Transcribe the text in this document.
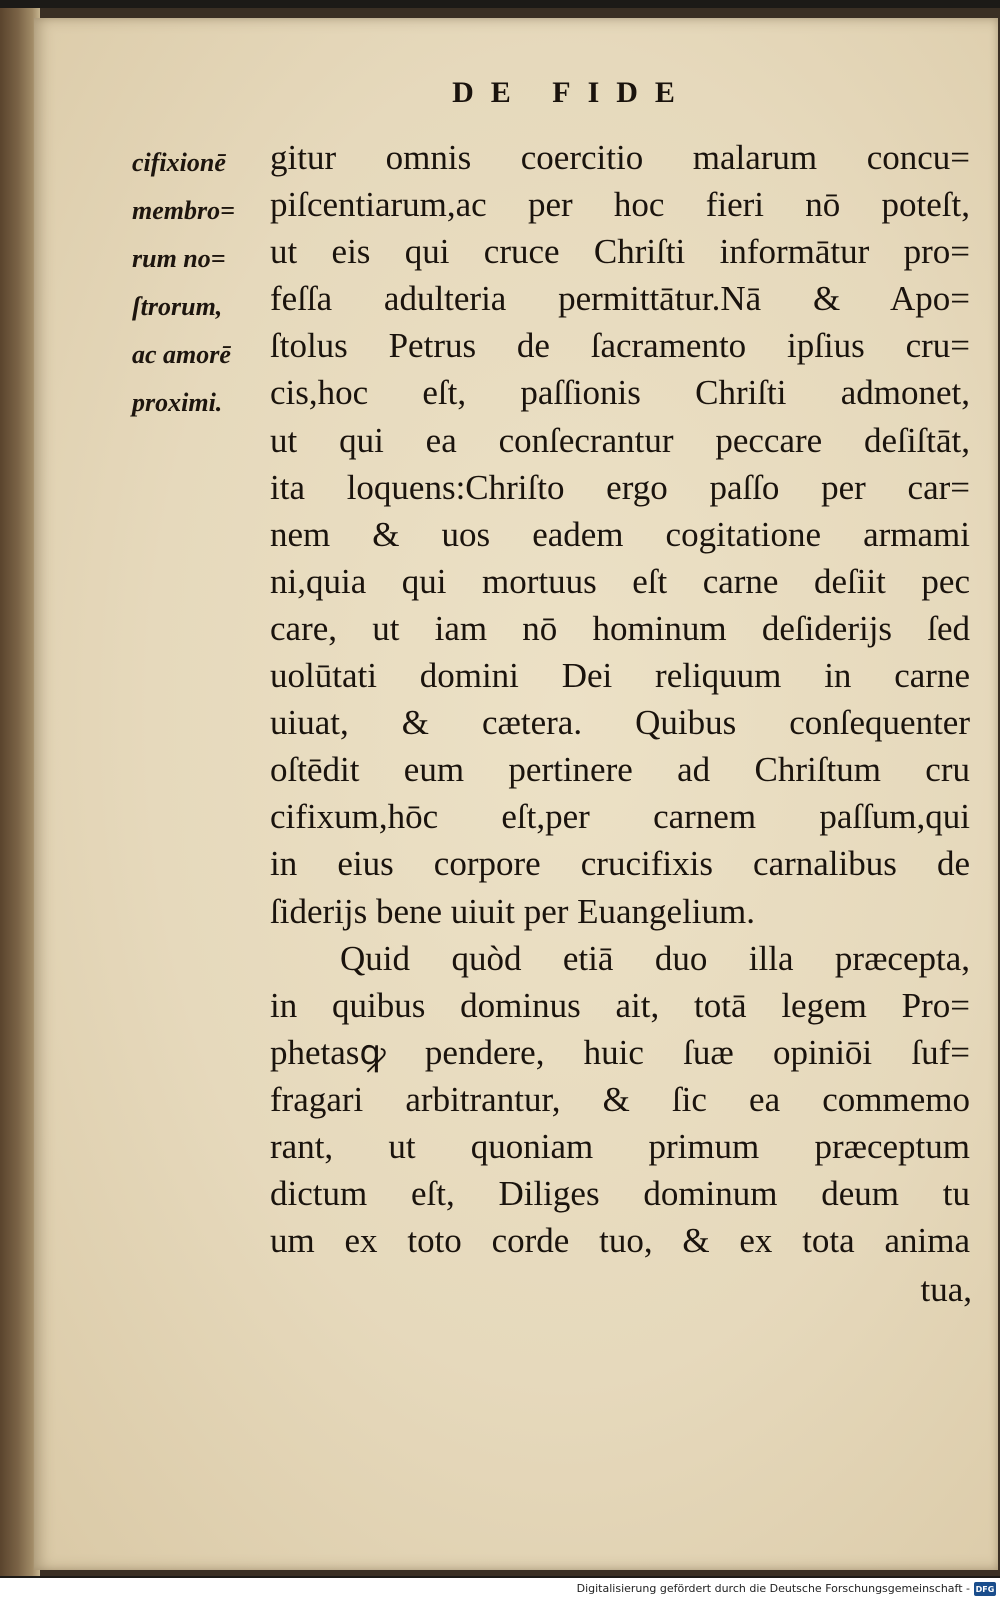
DE FIDE
cifixionē
membro=
rum no=
ſtrorum,
ac amorē
proximi.
gitur omnis coercitio malarum concu=
piſcentiarum,ac per hoc fieri nō poteſt,
ut eis qui cruce Chriſti informātur pro=
feſſa adulteria permittātur.Nā & Apo=
ſtolus Petrus de ſacramento ipſius cru=
cis,hoc eſt, paſſionis Chriſti admonet,
ut qui ea conſecrantur peccare deſiſtāt,
ita loquens:Chriſto ergo paſſo per car=
nem & uos eadem cogitatione armami
ni,quia qui mortuus eſt carne deſiit pec
care, ut iam nō hominum deſiderijs ſed
uolūtati domini Dei reliquum in carne
uiuat, & cætera. Quibus conſequenter
oſtēdit eum pertinere ad Chriſtum cru
cifixum,hōc eſt,per carnem paſſum,qui
in eius corpore crucifixis carnalibus de
ſiderijs bene uiuit per Euangelium.
Quid quòd etiā duo illa præcepta,
in quibus dominus ait, totā legem Pro=
phetasꝙ pendere, huic ſuæ opiniōi ſuf=
fragari arbitrantur, & ſic ea commemo
rant, ut quoniam primum præceptum
dictum eſt, Diliges dominum deum tu
um ex toto corde tuo, & ex tota anima
tua,
Digitalisierung gefördert durch die Deutsche Forschungsgemeinschaft - DFG
